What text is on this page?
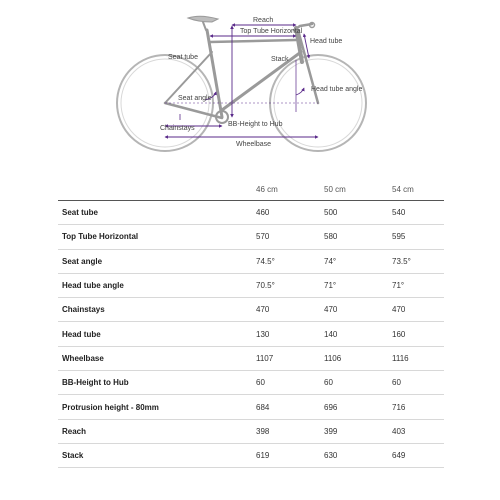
Reach
Top Tube Horizontal
Head tube
Seat tube	Stack
Seat angle
Head tube angle
Chainstays
BB-Height to Hub
Wheelbase
	46 cm	50 cm	54 cm
Seat tube	460	500	540
Top Tube Horizontal	570	580	595
Seat angle	74.5°	74°	73.5°
Head tube angle	70.5°	71°	71°
Chainstays	470	470	470
Head tube	130	140	160
Wheelbase	1107	1106	1116
BB-Height to Hub	60	60	60
Protrusion height - 80mm	684	696	716
Reach	398	399	403
Stack	619	630	649
